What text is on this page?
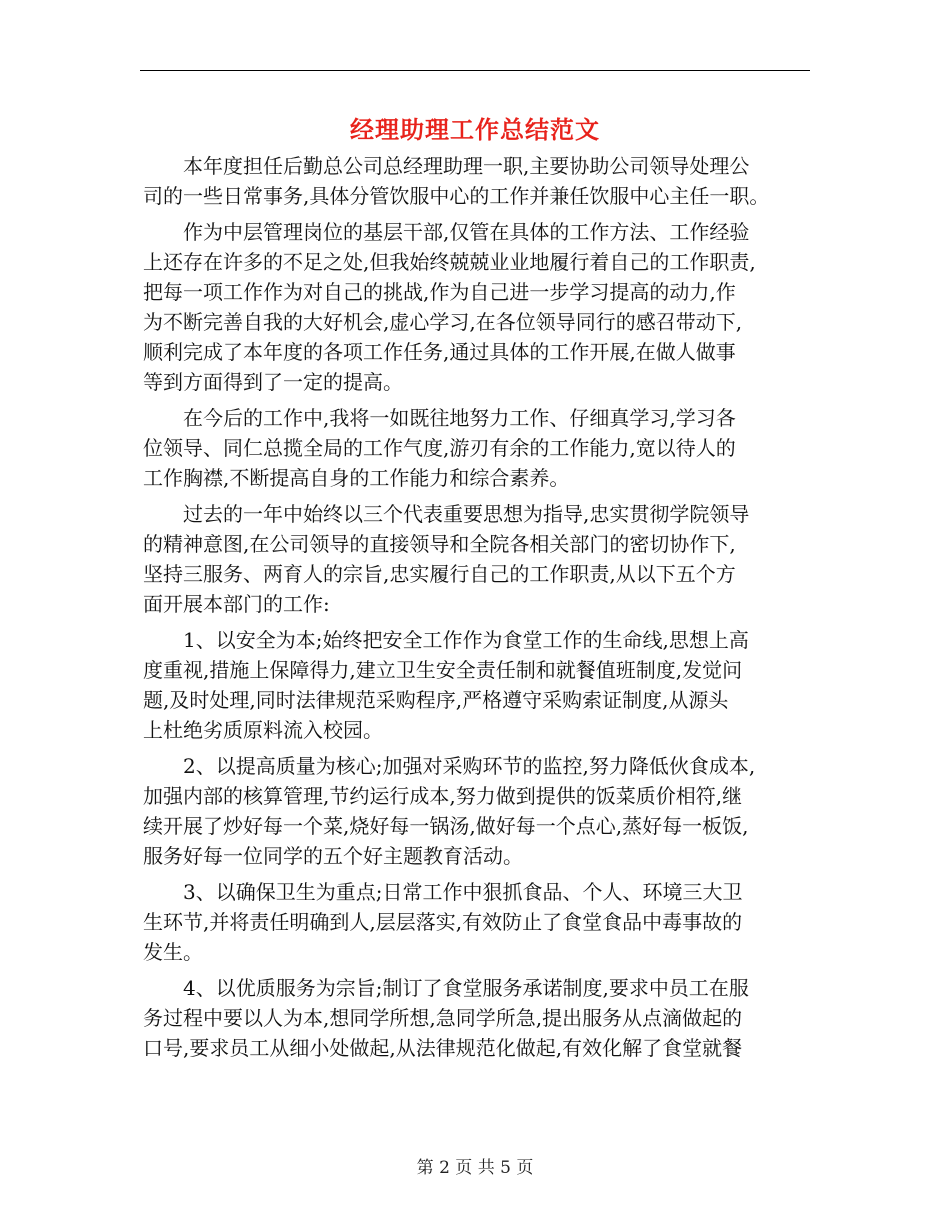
经理助理工作总结范文
本年度担任后勤总公司总经理助理一职,主要协助公司领导处理公
司的一些日常事务,具体分管饮服中心的工作并兼任饮服中心主任一职。
作为中层管理岗位的基层干部,仅管在具体的工作方法、工作经验
上还存在许多的不足之处,但我始终兢兢业业地履行着自己的工作职责,
把每一项工作作为对自己的挑战,作为自己进一步学习提高的动力,作
为不断完善自我的大好机会,虚心学习,在各位领导同行的感召带动下,
顺利完成了本年度的各项工作任务,通过具体的工作开展,在做人做事
等到方面得到了一定的提高。
在今后的工作中,我将一如既往地努力工作、仔细真学习,学习各
位领导、同仁总揽全局的工作气度,游刃有余的工作能力,宽以待人的
工作胸襟,不断提高自身的工作能力和综合素养。
过去的一年中始终以三个代表重要思想为指导,忠实贯彻学院领导
的精神意图,在公司领导的直接领导和全院各相关部门的密切协作下,
坚持三服务、两育人的宗旨,忠实履行自己的工作职责,从以下五个方
面开展本部门的工作:
1、以安全为本;始终把安全工作作为食堂工作的生命线,思想上高
度重视,措施上保障得力,建立卫生安全责任制和就餐值班制度,发觉问
题,及时处理,同时法律规范采购程序,严格遵守采购索证制度,从源头
上杜绝劣质原料流入校园。
2、以提高质量为核心;加强对采购环节的监控,努力降低伙食成本,
加强内部的核算管理,节约运行成本,努力做到提供的饭菜质价相符,继
续开展了炒好每一个菜,烧好每一锅汤,做好每一个点心,蒸好每一板饭,
服务好每一位同学的五个好主题教育活动。
3、以确保卫生为重点;日常工作中狠抓食品、个人、环境三大卫
生环节,并将责任明确到人,层层落实,有效防止了食堂食品中毒事故的
发生。
4、以优质服务为宗旨;制订了食堂服务承诺制度,要求中员工在服
务过程中要以人为本,想同学所想,急同学所急,提出服务从点滴做起的
口号,要求员工从细小处做起,从法律规范化做起,有效化解了食堂就餐
第 2 页 共 5 页
